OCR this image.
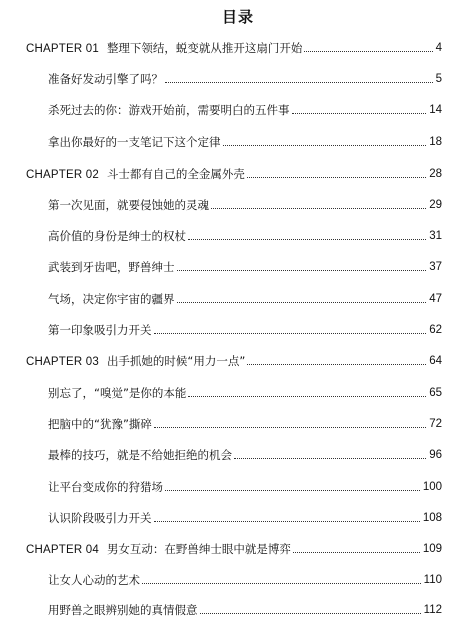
目录
CHAPTER 01 整理下领结，蜕变就从推开这扇门开始	4
准备好发动引擎了吗？	5
杀死过去的你：游戏开始前，需要明白的五件事	14
拿出你最好的一支笔记下这个定律	18
CHAPTER 02 斗士都有自己的全金属外壳	28
第一次见面，就要侵蚀她的灵魂	29
高价值的身份是绅士的权杖	31
武装到牙齿吧，野兽绅士	37
气场，决定你宇宙的疆界	47
第一印象吸引力开关	62
CHAPTER 03 出手抓她的时候“用力一点”	64
别忘了，“嗅觉”是你的本能	65
把脑中的“犹豫”撕碎	72
最棒的技巧，就是不给她拒绝的机会	96
让平台变成你的狩猎场	100
认识阶段吸引力开关	108
CHAPTER 04 男女互动：在野兽绅士眼中就是博弈	109
让女人心动的艺术	110
用野兽之眼辨别她的真情假意	112
